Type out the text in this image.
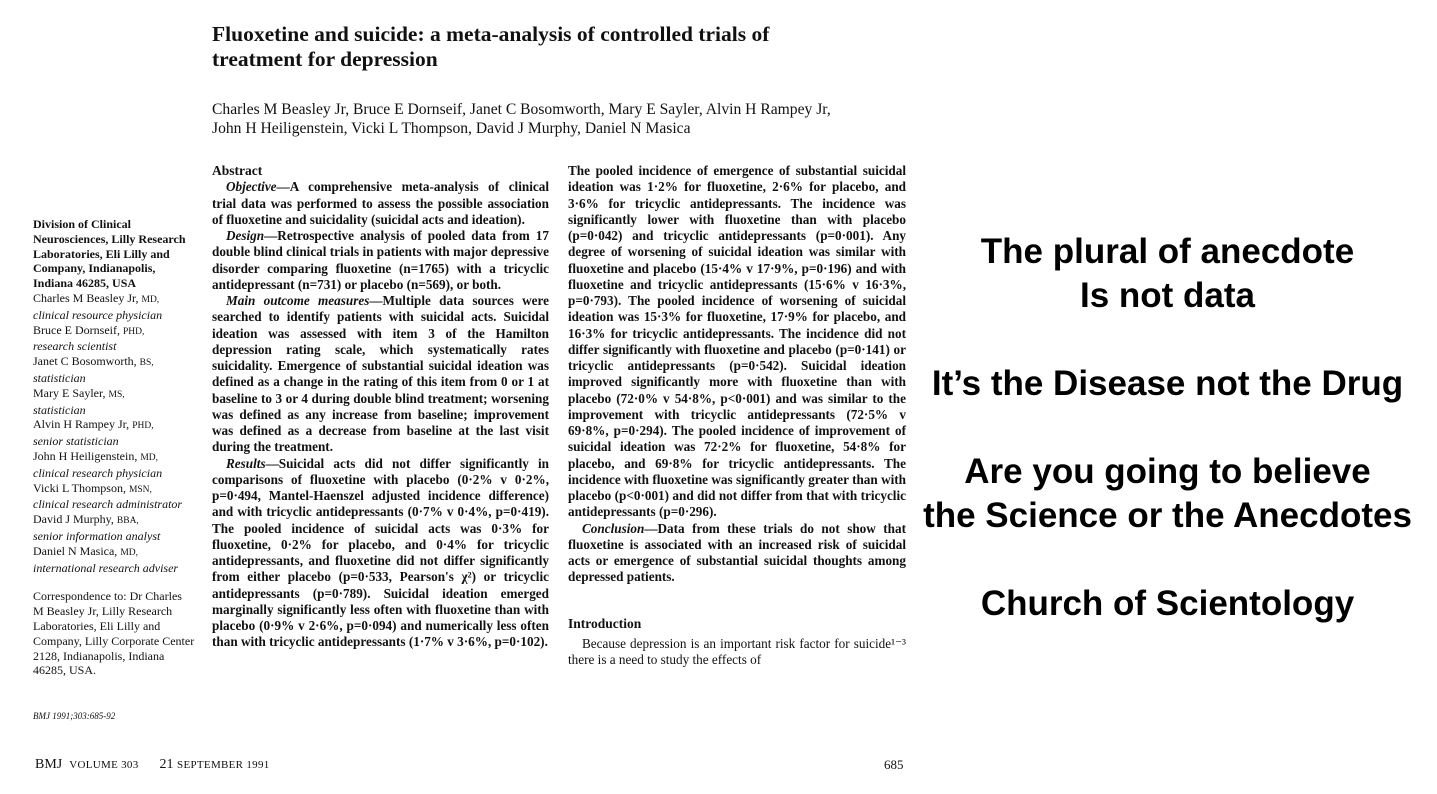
Fluoxetine and suicide: a meta-analysis of controlled trials of treatment for depression
Charles M Beasley Jr, Bruce E Dornseif, Janet C Bosomworth, Mary E Sayler, Alvin H Rampey Jr,
John H Heiligenstein, Vicki L Thompson, David J Murphy, Daniel N Masica

Division of Clinical Neurosciences, Lilly Research Laboratories, Eli Lilly and Company, Indianapolis, Indiana 46285, USA

Charles M Beasley Jr, MD,

clinical resource physician

Bruce E Dornseif, PHD,

research scientist

Janet C Bosomworth, BS,

statistician

Mary E Sayler, MS,

statistician

Alvin H Rampey Jr, PHD,

senior statistician

John H Heiligenstein, MD,

clinical research physician

Vicki L Thompson, MSN,

clinical research administrator

David J Murphy, BBA,

senior information analyst

Daniel N Masica, MD,

international research adviser

Correspondence to: Dr Charles M Beasley Jr, Lilly Research Laboratories, Eli Lilly and Company, Lilly Corporate Center 2128, Indianapolis, Indiana 46285, USA.

BMJ 1991;303:685-92

Abstract

Objective—A comprehensive meta-analysis of clinical trial data was performed to assess the possible association of fluoxetine and suicidality (suicidal acts and ideation).

Design—Retrospective analysis of pooled data from 17 double blind clinical trials in patients with major depressive disorder comparing fluoxetine (n=1765) with a tricyclic antidepressant (n=731) or placebo (n=569), or both.

Main outcome measures—Multiple data sources were searched to identify patients with suicidal acts. Suicidal ideation was assessed with item 3 of the Hamilton depression rating scale, which systematically rates suicidality. Emergence of substantial suicidal ideation was defined as a change in the rating of this item from 0 or 1 at baseline to 3 or 4 during double blind treatment; worsening was defined as any increase from baseline; improvement was defined as a decrease from baseline at the last visit during the treatment.

Results—Suicidal acts did not differ significantly in comparisons of fluoxetine with placebo (0·2% v 0·2%, p=0·494, Mantel-Haenszel adjusted incidence difference) and with tricyclic antidepressants (0·7% v 0·4%, p=0·419). The pooled incidence of suicidal acts was 0·3% for fluoxetine, 0·2% for placebo, and 0·4% for tricyclic antidepressants, and fluoxetine did not differ significantly from either placebo (p=0·533, Pearson's χ²) or tricyclic antidepressants (p=0·789). Suicidal ideation emerged marginally significantly less often with fluoxetine than with placebo (0·9% v 2·6%, p=0·094) and numerically less often than with tricyclic antidepressants (1·7% v 3·6%, p=0·102).

The pooled incidence of emergence of substantial suicidal ideation was 1·2% for fluoxetine, 2·6% for placebo, and 3·6% for tricyclic antidepressants. The incidence was significantly lower with fluoxetine than with placebo (p=0·042) and tricyclic antidepressants (p=0·001). Any degree of worsening of suicidal ideation was similar with fluoxetine and placebo (15·4% v 17·9%, p=0·196) and with fluoxetine and tricyclic antidepressants (15·6% v 16·3%, p=0·793). The pooled incidence of worsening of suicidal ideation was 15·3% for fluoxetine, 17·9% for placebo, and 16·3% for tricyclic antidepressants. The incidence did not differ significantly with fluoxetine and placebo (p=0·141) or tricyclic antidepressants (p=0·542). Suicidal ideation improved significantly more with fluoxetine than with placebo (72·0% v 54·8%, p<0·001) and was similar to the improvement with tricyclic antidepressants (72·5% v 69·8%, p=0·294). The pooled incidence of improvement of suicidal ideation was 72·2% for fluoxetine, 54·8% for placebo, and 69·8% for tricyclic antidepressants. The incidence with fluoxetine was significantly greater than with placebo (p<0·001) and did not differ from that with tricyclic antidepressants (p=0·296).

Conclusion—Data from these trials do not show that fluoxetine is associated with an increased risk of suicidal acts or emergence of substantial suicidal thoughts among depressed patients.

Introduction

Because depression is an important risk factor for suicide¹⁻³ there is a need to study the effects of

BMJ VOLUME 303 21 SEPTEMBER 1991	685

The plural of anecdote

Is not data

It’s the Disease not the Drug

Are you going to believe

the Science or the Anecdotes

Church of Scientology
